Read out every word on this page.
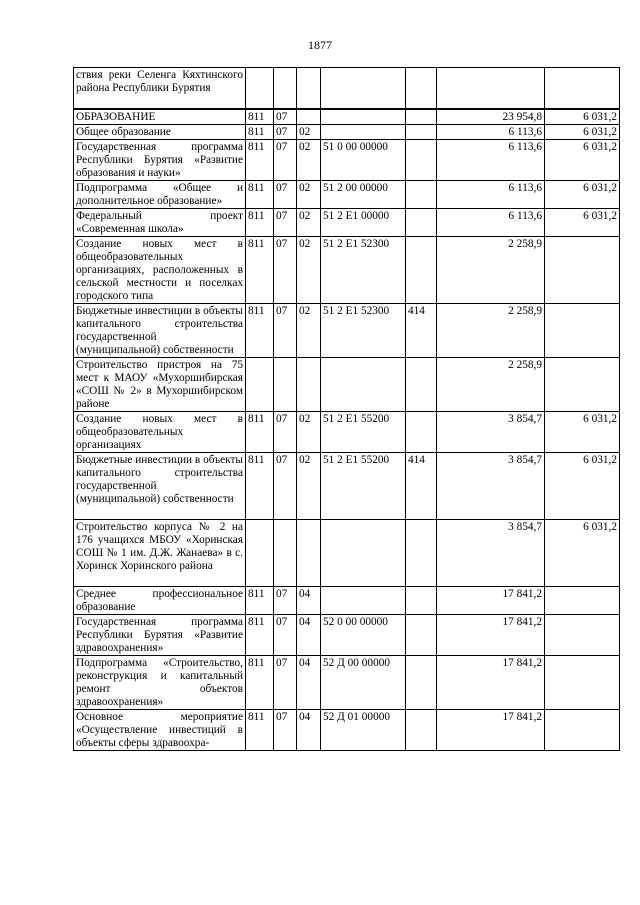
1877
ствия реки Селенга Кяхтинского района Республики Бурятия							
ОБРАЗОВАНИЕ	811	07				23 954,8	6 031,2
Общее образование	811	07	02			6 113,6	6 031,2
Государственная программа Республики Бурятия «Развитие образования и науки»	811	07	02	51 0 00 00000		6 113,6	6 031,2
Подпрограмма «Общее и дополнительное образование»	811	07	02	51 2 00 00000		6 113,6	6 031,2
Федеральный проект «Современная школа»	811	07	02	51 2 Е1 00000		6 113,6	6 031,2
Создание новых мест в общеобразовательных организациях, расположенных в сельской местности и поселках городского типа	811	07	02	51 2 Е1 52300		2 258,9	
Бюджетные инвестиции в объекты капитального строительства государственной (муниципальной) собственности	811	07	02	51 2 Е1 52300	414	2 258,9	
Строительство пристроя на 75 мест к МАОУ «Мухоршибирская «СОШ № 2» в Мухоршибирском районе						2 258,9	
Создание новых мест в общеобразовательных организациях	811	07	02	51 2 Е1 55200		3 854,7	6 031,2
Бюджетные инвестиции в объекты капитального строительства государственной (муниципальной) собственности	811	07	02	51 2 Е1 55200	414	3 854,7	6 031,2
Строительство корпуса № 2 на 176 учащихся МБОУ «Хоринская СОШ № 1 им. Д.Ж. Жанаева» в с. Хоринск Хоринского района						3 854,7	6 031,2
Среднее профессиональное образование	811	07	04			17 841,2	
Государственная программа Республики Бурятия «Развитие здравоохранения»	811	07	04	52 0 00 00000		17 841,2	
Подпрограмма «Строительство, реконструкция и капитальный ремонт объектов здравоохранения»	811	07	04	52 Д 00 00000		17 841,2	
Основное мероприятие «Осуществление инвестиций в объекты сферы здравоохра-	811	07	04	52 Д 01 00000		17 841,2	
